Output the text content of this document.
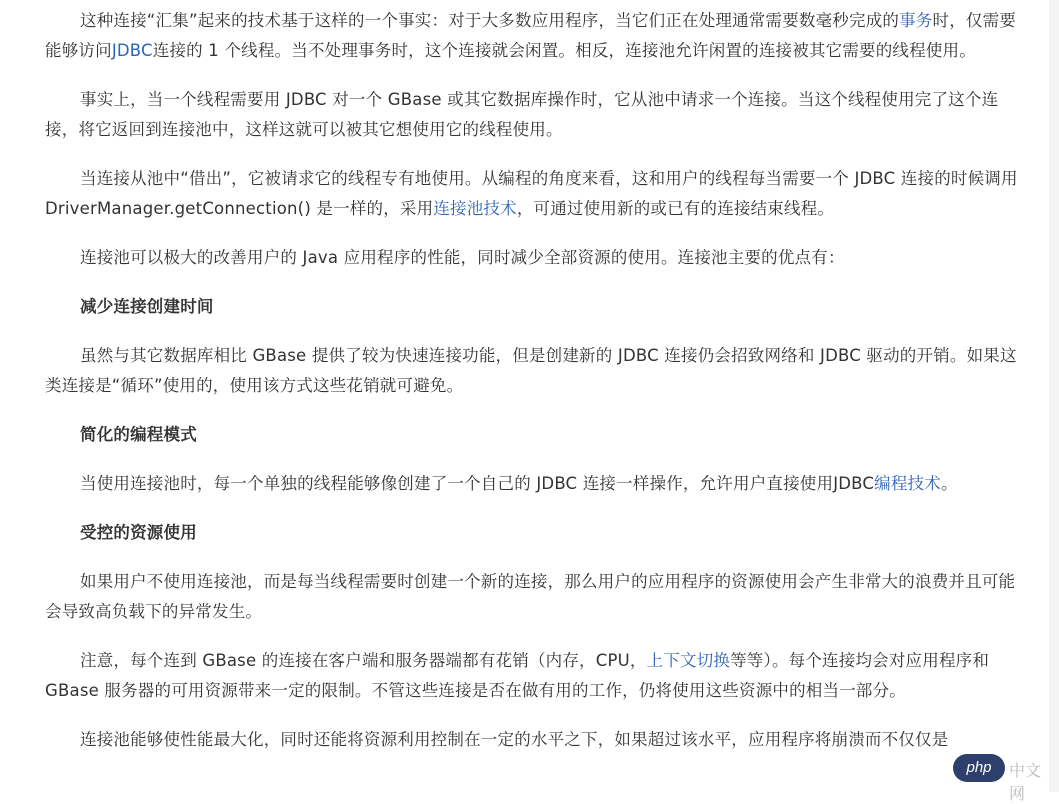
这种连接“汇集”起来的技术基于这样的一个事实：对于大多数应用程序，当它们正在处理通常需要数毫秒完成的事务时，仅需要能够访问JDBC连接的 1 个线程。当不处理事务时，这个连接就会闲置。相反，连接池允许闲置的连接被其它需要的线程使用。

事实上，当一个线程需要用 JDBC 对一个 GBase 或其它数据库操作时，它从池中请求一个连接。当这个线程使用完了这个连接，将它返回到连接池中，这样这就可以被其它想使用它的线程使用。

当连接从池中“借出”，它被请求它的线程专有地使用。从编程的角度来看，这和用户的线程每当需要一个 JDBC 连接的时候调用DriverManager.getConnection() 是一样的，采用连接池技术，可通过使用新的或已有的连接结束线程。

连接池可以极大的改善用户的 Java 应用程序的性能，同时减少全部资源的使用。连接池主要的优点有：

减少连接创建时间

虽然与其它数据库相比 GBase 提供了较为快速连接功能，但是创建新的 JDBC 连接仍会招致网络和 JDBC 驱动的开销。如果这类连接是“循环”使用的，使用该方式这些花销就可避免。

简化的编程模式

当使用连接池时，每一个单独的线程能够像创建了一个自己的 JDBC 连接一样操作，允许用户直接使用JDBC编程技术。

受控的资源使用

如果用户不使用连接池，而是每当线程需要时创建一个新的连接，那么用户的应用程序的资源使用会产生非常大的浪费并且可能会导致高负载下的异常发生。

注意，每个连到 GBase 的连接在客户端和服务器端都有花销（内存，CPU，上下文切换等等）。每个连接均会对应用程序和 GBase 服务器的可用资源带来一定的限制。不管这些连接是否在做有用的工作，仍将使用这些资源中的相当一部分。

连接池能够使性能最大化，同时还能将资源利用控制在一定的水平之下，如果超过该水平，应用程序将崩溃而不仅仅是

php	中文网
